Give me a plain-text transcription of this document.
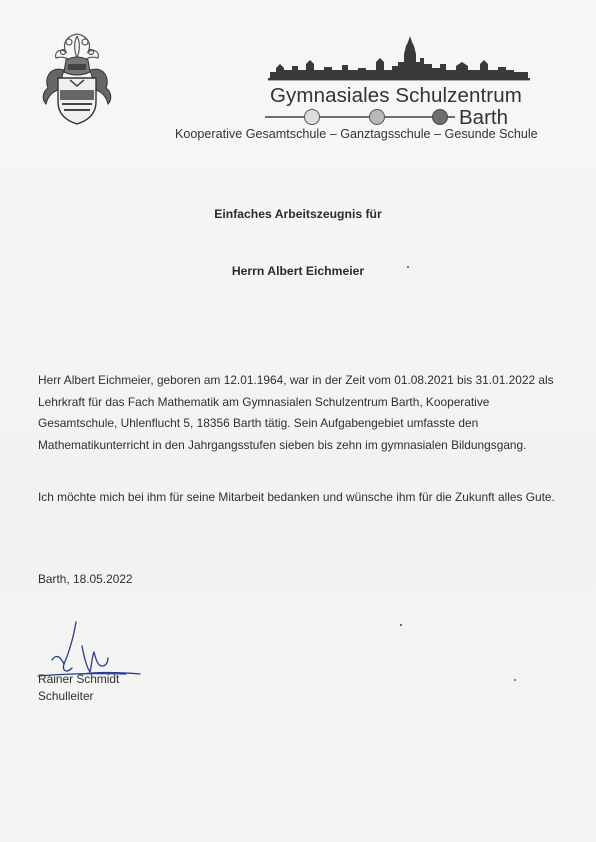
Gymnasiales Schulzentrum
Barth
Kooperative Gesamtschule – Ganztagsschule – Gesunde Schule
Einfaches Arbeitszeugnis für
Herrn Albert Eichmeier
Herr Albert Eichmeier, geboren am 12.01.1964, war in der Zeit vom 01.08.2021 bis 31.01.2022 als Lehrkraft für das Fach Mathematik am Gymnasialen Schulzentrum Barth, Kooperative Gesamtschule, Uhlenflucht 5, 18356 Barth tätig. Sein Aufgabengebiet umfasste den Mathematikunterricht in den Jahrgangsstufen sieben bis zehn im gymnasialen Bildungsgang.
Ich möchte mich bei ihm für seine Mitarbeit bedanken und wünsche ihm für die Zukunft alles Gute.
Barth, 18.05.2022
Rainer Schmidt
Schulleiter
